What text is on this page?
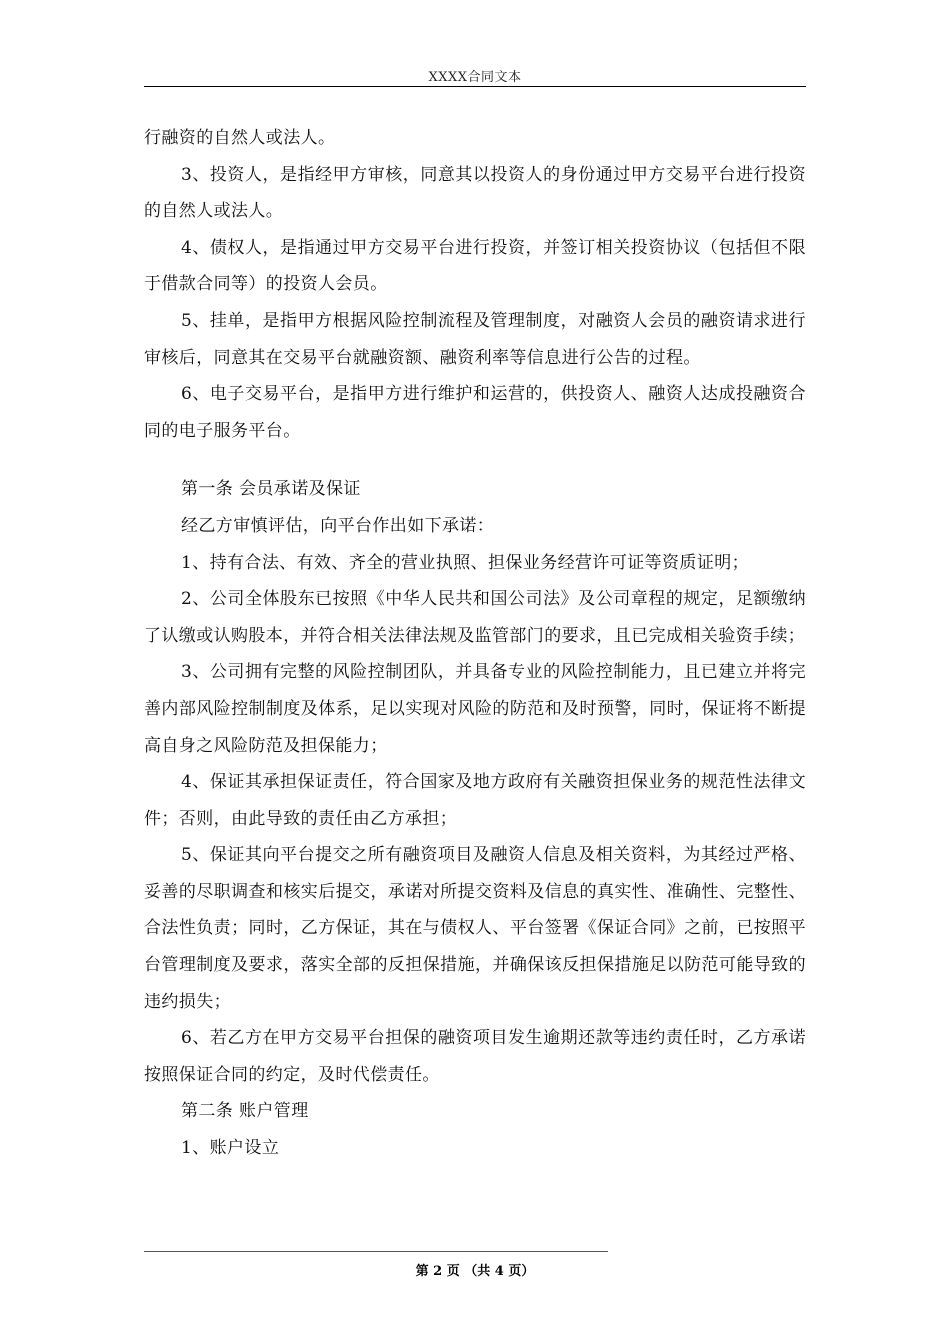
XXXX合同文本

行融资的自然人或法人。

3、投资人，是指经甲方审核，同意其以投资人的身份通过甲方交易平台进行投资的自然人或法人。

4、债权人，是指通过甲方交易平台进行投资，并签订相关投资协议（包括但不限于借款合同等）的投资人会员。

5、挂单，是指甲方根据风险控制流程及管理制度，对融资人会员的融资请求进行审核后，同意其在交易平台就融资额、融资利率等信息进行公告的过程。

6、电子交易平台，是指甲方进行维护和运营的，供投资人、融资人达成投融资合同的电子服务平台。

第一条 会员承诺及保证

经乙方审慎评估，向平台作出如下承诺：

1、持有合法、有效、齐全的营业执照、担保业务经营许可证等资质证明；

2、公司全体股东已按照《中华人民共和国公司法》及公司章程的规定，足额缴纳了认缴或认购股本，并符合相关法律法规及监管部门的要求，且已完成相关验资手续；

3、公司拥有完整的风险控制团队，并具备专业的风险控制能力，且已建立并将完善内部风险控制制度及体系，足以实现对风险的防范和及时预警，同时，保证将不断提高自身之风险防范及担保能力；

4、保证其承担保证责任，符合国家及地方政府有关融资担保业务的规范性法律文件；否则，由此导致的责任由乙方承担；

5、保证其向平台提交之所有融资项目及融资人信息及相关资料，为其经过严格、妥善的尽职调查和核实后提交，承诺对所提交资料及信息的真实性、准确性、完整性、合法性负责；同时，乙方保证，其在与债权人、平台签署《保证合同》之前，已按照平台管理制度及要求，落实全部的反担保措施，并确保该反担保措施足以防范可能导致的违约损失；

6、若乙方在甲方交易平台担保的融资项目发生逾期还款等违约责任时，乙方承诺按照保证合同的约定，及时代偿责任。

第二条 账户管理

1、账户设立

第 2 页 （共 4 页）
